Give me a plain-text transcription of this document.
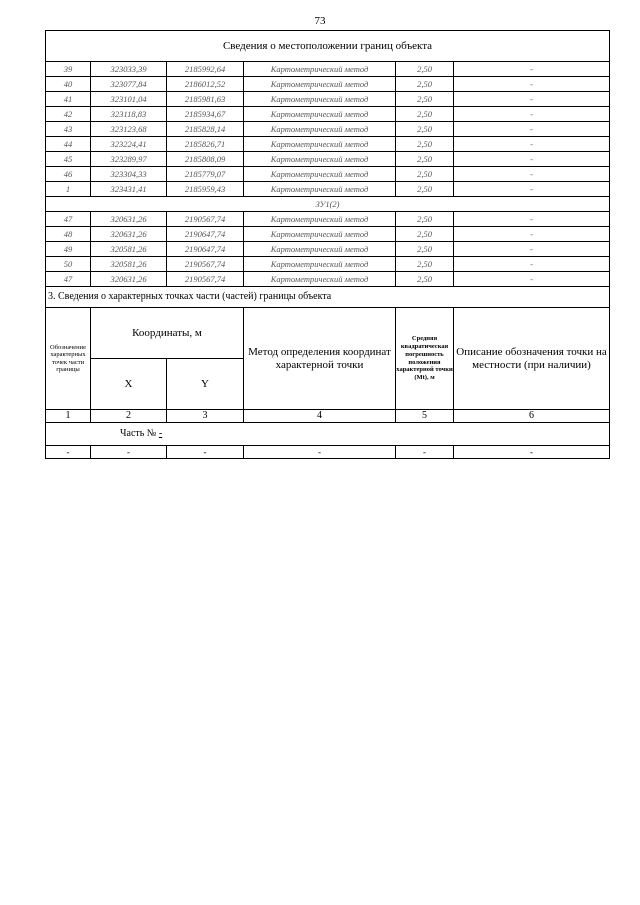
73
Сведения о местоположении границ объекта					
39	323033,39	2185992,64	Картометрический метод	2,50	-
40	323077,84	2186012,52	Картометрический метод	2,50	-
41	323101,04	2185981,63	Картометрический метод	2,50	-
42	323118,83	2185934,67	Картометрический метод	2,50	-
43	323123,68	2185828,14	Картометрический метод	2,50	-
44	323224,41	2185826,71	Картометрический метод	2,50	-
45	323289,97	2185808,09	Картометрический метод	2,50	-
46	323304,33	2185779,07	Картометрический метод	2,50	-
1	323431,41	2185959,43	Картометрический метод	2,50	-
ЗУ1(2)					
47	320631,26	2190567,74	Картометрический метод	2,50	-
48	320631,26	2190647,74	Картометрический метод	2,50	-
49	320581,26	2190647,74	Картометрический метод	2,50	-
50	320581,26	2190567,74	Картометрический метод	2,50	-
47	320631,26	2190567,74	Картометрический метод	2,50	-
3. Сведения о характерных точках части (частей) границы объекта					
Обозначение характерных точек части границы	Координаты, м		Метод определения координат характерной точки	Средняя квадратическая погрешность положения характерной точки (Mt), м	Описание обозначения точки на местности (при наличии)
	X	Y			
1	2	3	4	5	6
Часть № -					
-	-	-	-	-	-
